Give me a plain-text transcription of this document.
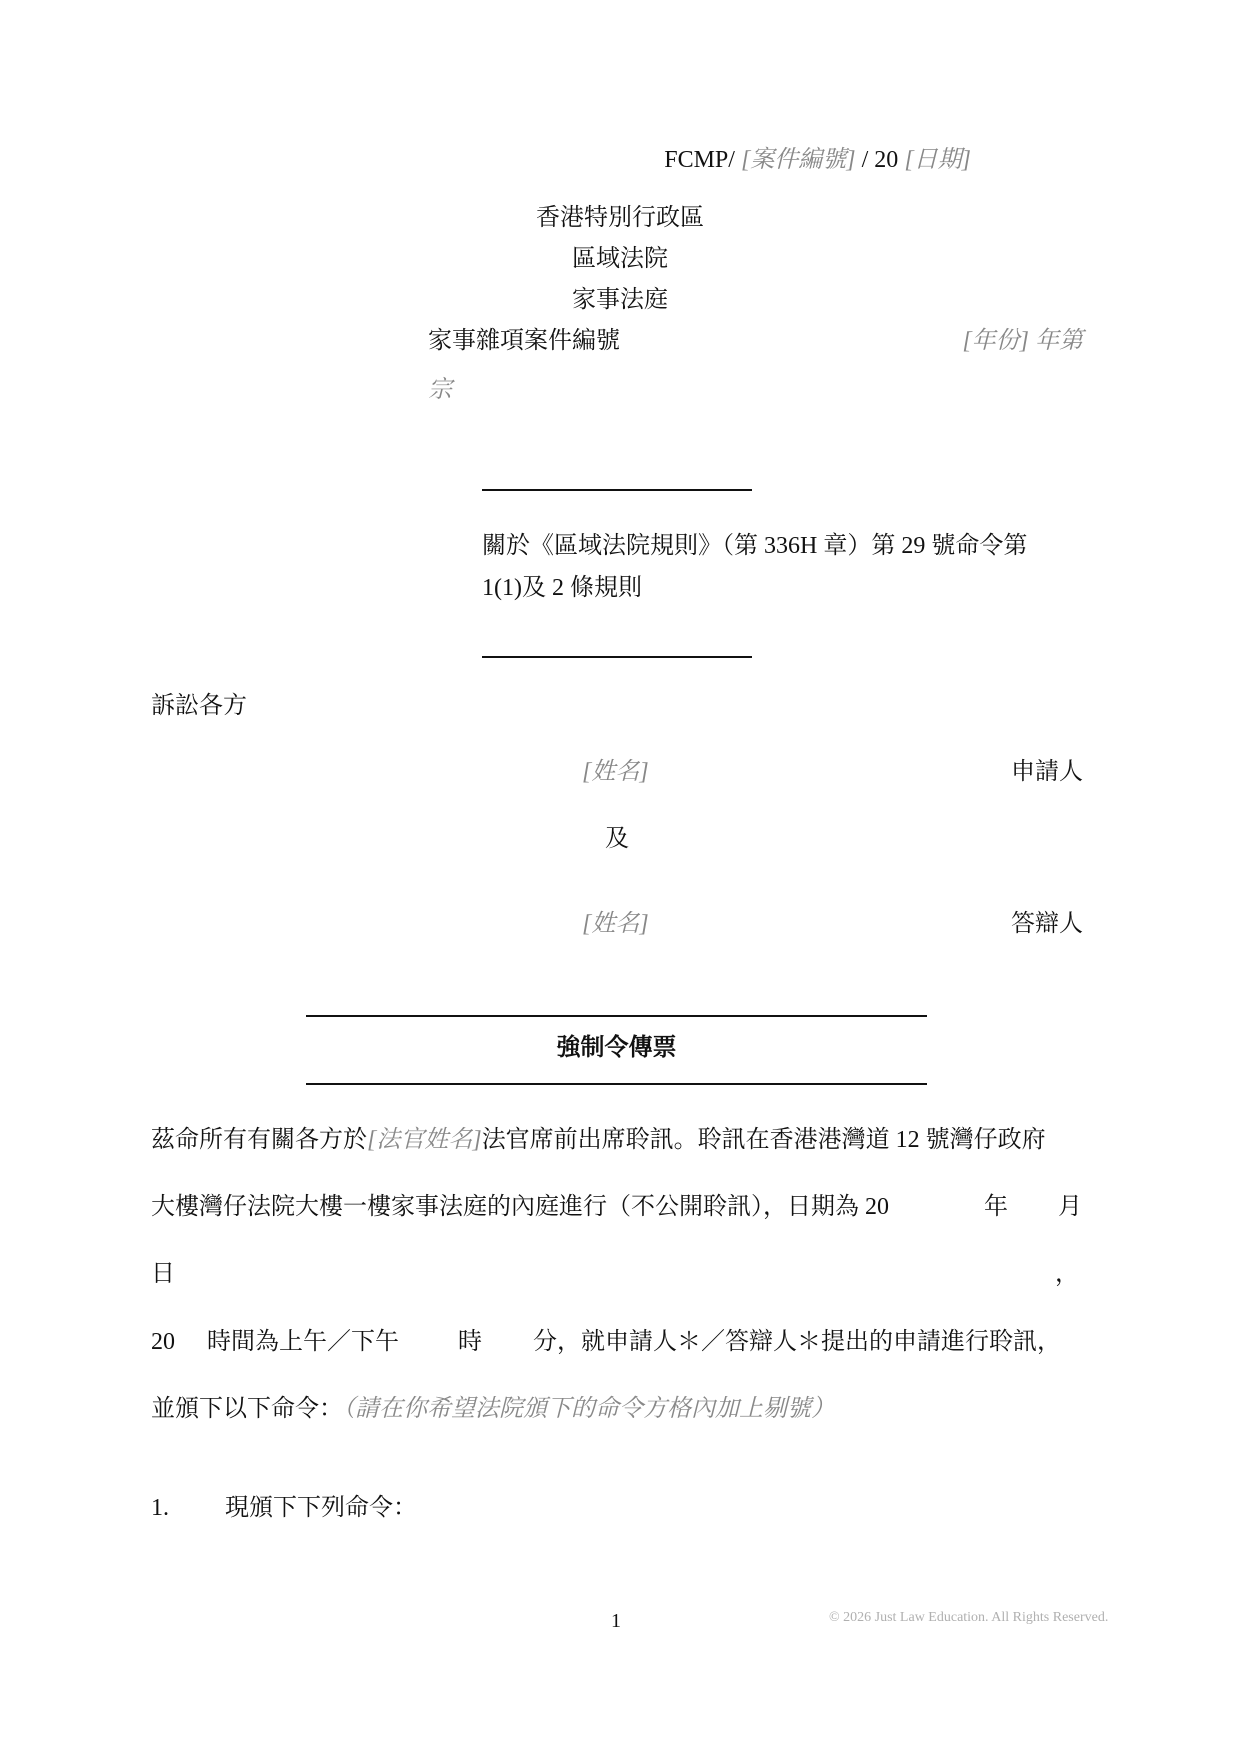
FCMP/ [案件編號] / 20 [日期]
香港特別行政區
區域法院
家事法庭
家事雜項案件編號	[年份] 年第
宗
關於《區域法院規則》（第 336H 章）第 29 號命令第
1(1)及 2 條規則
訴訟各方
[姓名]	申請人
及
[姓名]	答辯人
強制令傳票
茲命所有有關各方於[法官姓名]法官席前出席聆訊。聆訊在香港港灣道 12 號灣仔政府
大樓灣仔法院大樓一樓家事法庭的內庭進行（不公開聆訊），日期為 20	年 月
日	，
20 時間為上午／下午 時 分，就申請人＊／答辯人＊提出的申請進行聆訊，
並頒下以下命令：（請在你希望法院頒下的命令方格內加上剔號）
1. 現頒下下列命令：
1	© 2026 Just Law Education. All Rights Reserved.
